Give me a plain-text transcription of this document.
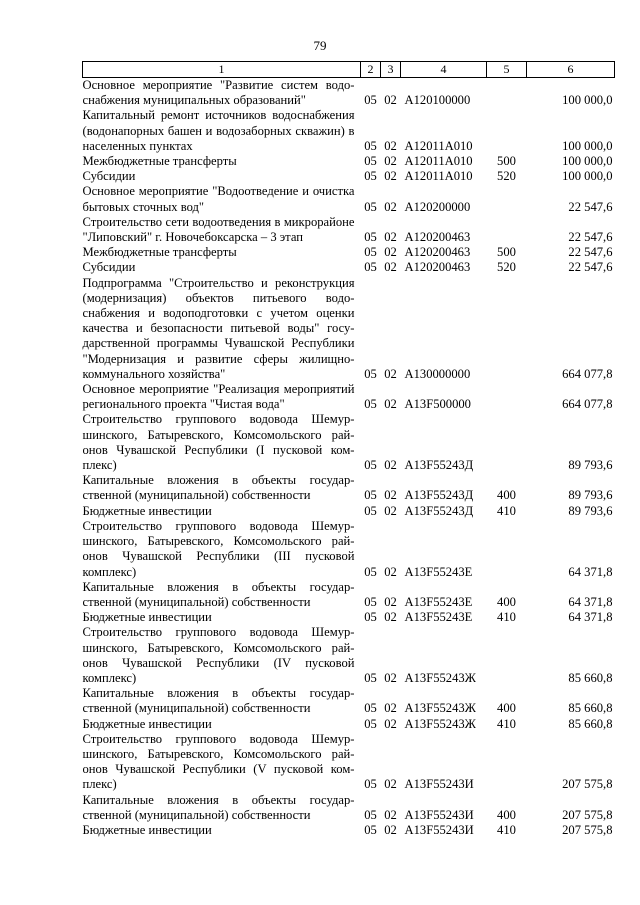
79
1	2	3	4	5	6
Основное мероприятие "Развитие систем водоснабжения муниципальных образований"	05	02	А120100000		100 000,0
Капитальный ремонт источников водоснабжения (водонапорных башен и водозаборных скважин) в населенных пунктах	05	02	А12011А010		100 000,0
Межбюджетные трансферты	05	02	А12011А010	500	100 000,0
Субсидии	05	02	А12011А010	520	100 000,0
Основное мероприятие "Водоотведение и очистка бытовых сточных вод"	05	02	А120200000		22 547,6
Строительство сети водоотведения в микрорайоне "Липовский" г. Новочебоксарска – 3 этап	05	02	А120200463		22 547,6
Межбюджетные трансферты	05	02	А120200463	500	22 547,6
Субсидии	05	02	А120200463	520	22 547,6
Подпрограмма "Строительство и реконструкция (модернизация) объектов питьевого водоснабжения и водоподготовки с учетом оценки качества и безопасности питьевой воды" государственной программы Чувашской Республики "Модернизация и развитие сферы жилищно-коммунального хозяйства"	05	02	А130000000		664 077,8
Основное мероприятие "Реализация мероприятий регионального проекта "Чистая вода"	05	02	А13F500000		664 077,8
Строительство группового водовода Шемуршинского, Батыревского, Комсомольского районов Чувашской Республики (I пусковой комплекс)	05	02	А13F55243Д		89 793,6
Капитальные вложения в объекты государственной (муниципальной) собственности	05	02	А13F55243Д	400	89 793,6
Бюджетные инвестиции	05	02	А13F55243Д	410	89 793,6
Строительство группового водовода Шемуршинского, Батыревского, Комсомольского районов Чувашской Республики (III пусковой комплекс)	05	02	А13F55243Е		64 371,8
Капитальные вложения в объекты государственной (муниципальной) собственности	05	02	А13F55243Е	400	64 371,8
Бюджетные инвестиции	05	02	А13F55243Е	410	64 371,8
Строительство группового водовода Шемуршинского, Батыревского, Комсомольского районов Чувашской Республики (IV пусковой комплекс)	05	02	А13F55243Ж		85 660,8
Капитальные вложения в объекты государственной (муниципальной) собственности	05	02	А13F55243Ж	400	85 660,8
Бюджетные инвестиции	05	02	А13F55243Ж	410	85 660,8
Строительство группового водовода Шемуршинского, Батыревского, Комсомольского районов Чувашской Республики (V пусковой комплекс)	05	02	А13F55243И		207 575,8
Капитальные вложения в объекты государственной (муниципальной) собственности	05	02	А13F55243И	400	207 575,8
Бюджетные инвестиции	05	02	А13F55243И	410	207 575,8
